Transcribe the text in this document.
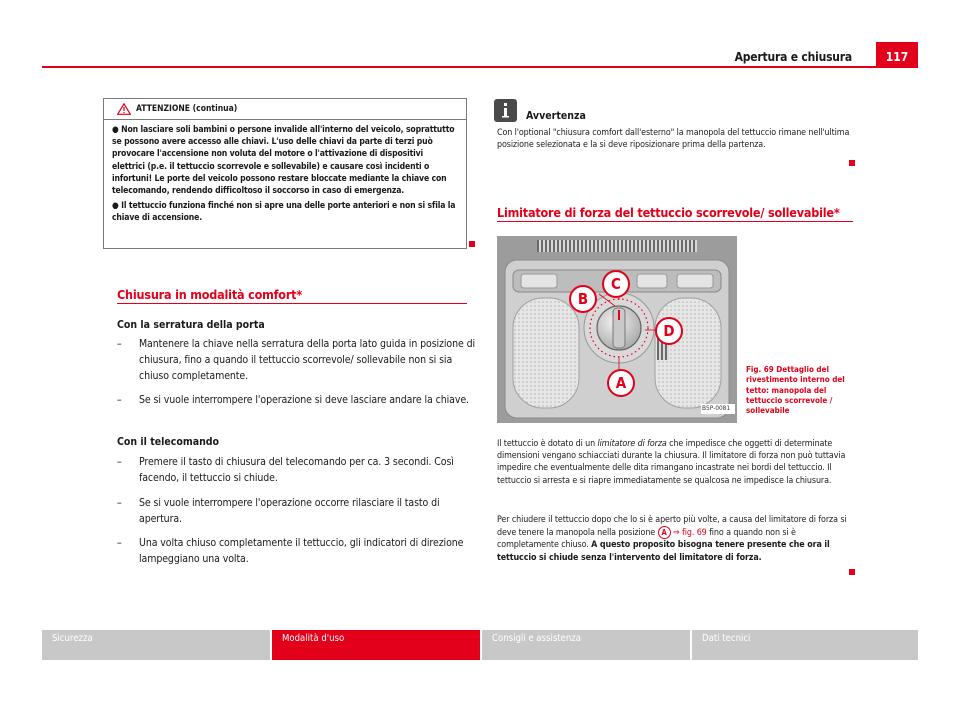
Apertura e chiusura	117
ATTENZIONE (continua)

● Non lasciare soli bambini o persone invalide all'interno del veicolo, soprattutto se possono avere accesso alle chiavi. L'uso delle chiavi da parte di terzi può provocare l'accensione non voluta del motore o l'attivazione di dispositivi elettrici (p.e. il tettuccio scorrevole e sollevabile) e causare così incidenti o infortuni! Le porte del veicolo possono restare bloccate mediante la chiave con telecomando, rendendo difficoltoso il soccorso in caso di emergenza.

● Il tettuccio funziona finché non si apre una delle porte anteriori e non si sfila la chiave di accensione.

Chiusura in modalità comfort*
Con la serratura della porta
– Mantenere la chiave nella serratura della porta lato guida in posizione di chiusura, fino a quando il tettuccio scorrevole/ sollevabile non si sia chiuso completamente.
– Se si vuole interrompere l'operazione si deve lasciare andare la chiave.
Con il telecomando
– Premere il tasto di chiusura del telecomando per ca. 3 secondi. Così facendo, il tettuccio si chiude.
– Se si vuole interrompere l'operazione occorre rilasciare il tasto di apertura.
– Una volta chiuso completamente il tettuccio, gli indicatori di direzione lampeggiano una volta.
Avvertenza
Con l'optional "chiusura comfort dall'esterno" la manopola del tettuccio rimane nell'ultima posizione selezionata e la si deve riposizionare prima della partenza.
Limitatore di forza del tettuccio scorrevole/ sollevabile*
C
B
D
A
B5P-0081
Fig. 69 Dettaglio del rivestimento interno del tetto: manopola del tettuccio scorrevole / sollevabile
Il tettuccio è dotato di un limitatore di forza che impedisce che oggetti di determinate dimensioni vengano schiacciati durante la chiusura. Il limitatore di forza non può tuttavia impedire che eventualmente delle dita rimangano incastrate nei bordi del tettuccio. Il tettuccio si arresta e si riapre immediatamente se qualcosa ne impedisce la chiusura.
Per chiudere il tettuccio dopo che lo si è aperto più volte, a causa del limitatore di forza si deve tenere la manopola nella posizione A ⇒ fig. 69 fino a quando non si è completamente chiuso. A questo proposito bisogna tenere presente che ora il tettuccio si chiude senza l'intervento del limitatore di forza.
Sicurezza	Modalità d'uso	Consigli e assistenza	Dati tecnici
